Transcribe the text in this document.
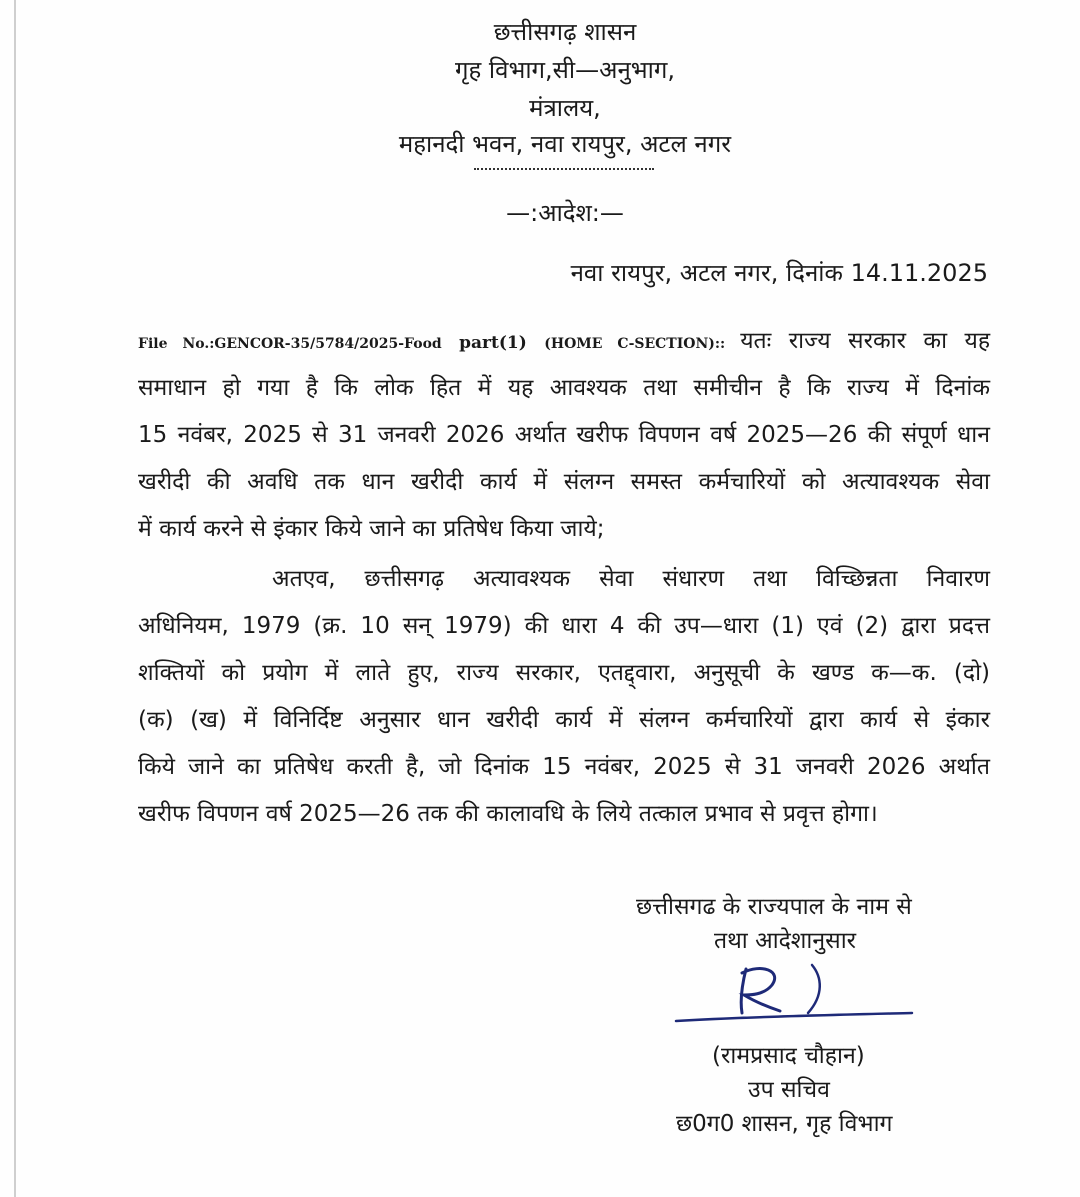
छत्तीसगढ़ शासन
गृह विभाग,सी—अनुभाग,
मंत्रालय,
महानदी भवन, नवा रायपुर, अटल नगर
—:आदेश:—
नवा रायपुर, अटल नगर, दिनांक 14.11.2025
File No.:GENCOR-35/5784/2025-Food part(1) (HOME C-SECTION):: यतः राज्य सरकार का यह
समाधान हो गया है कि लोक हित में यह आवश्यक तथा समीचीन है कि राज्य में दिनांक
15 नवंबर, 2025 से 31 जनवरी 2026 अर्थात खरीफ विपणन वर्ष 2025—26 की संपूर्ण धान
खरीदी की अवधि तक धान खरीदी कार्य में संलग्न समस्त कर्मचारियों को अत्यावश्यक सेवा
में कार्य करने से इंकार किये जाने का प्रतिषेध किया जाये;
अतएव, छत्तीसगढ़ अत्यावश्यक सेवा संधारण तथा विच्छिन्नता निवारण
अधिनियम, 1979 (क्र. 10 सन् 1979) की धारा 4 की उप—धारा (1) एवं (2) द्वारा प्रदत्त
शक्तियों को प्रयोग में लाते हुए, राज्य सरकार, एतद्द्वारा, अनुसूची के खण्ड क—क. (दो)
(क) (ख) में विनिर्दिष्ट अनुसार धान खरीदी कार्य में संलग्न कर्मचारियों द्वारा कार्य से इंकार
किये जाने का प्रतिषेध करती है, जो दिनांक 15 नवंबर, 2025 से 31 जनवरी 2026 अर्थात
खरीफ विपणन वर्ष 2025—26 तक की कालावधि के लिये तत्काल प्रभाव से प्रवृत्त होगा।
छत्तीसगढ के राज्यपाल के नाम से
तथा आदेशानुसार
(रामप्रसाद चौहान)
उप सचिव
छ0ग0 शासन, गृह विभाग
